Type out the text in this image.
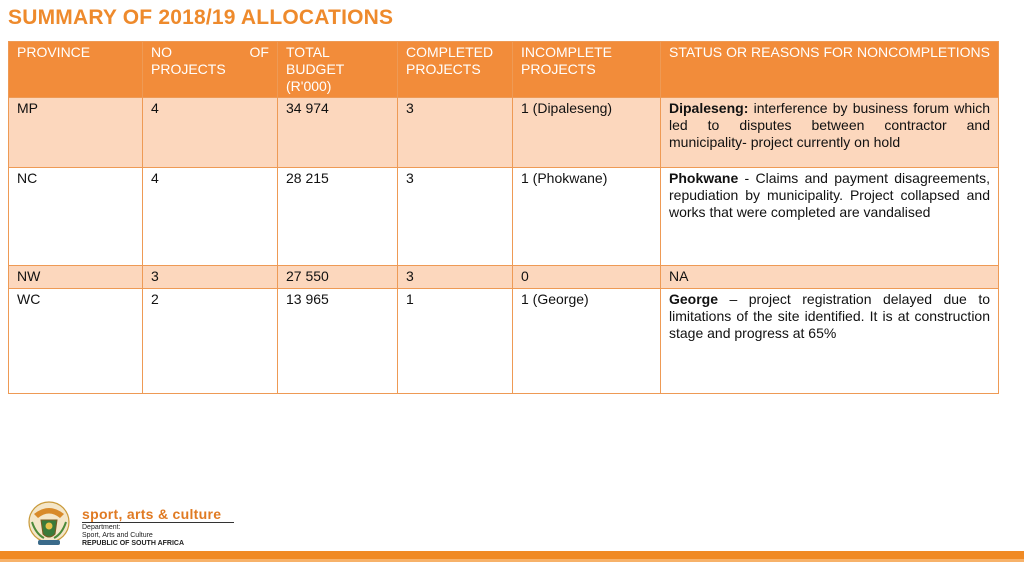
SUMMARY OF 2018/19 ALLOCATIONS
PROVINCE	NO OF PROJECTS	TOTAL BUDGET (R'000)	COMPLETED PROJECTS	INCOMPLETE PROJECTS	STATUS OR REASONS FOR NONCOMPLETIONS
MP	4	34 974	3	1 (Dipaleseng)	Dipaleseng: interference by business forum which led to disputes between contractor and municipality- project currently on hold
NC	4	28 215	3	1 (Phokwane)	Phokwane - Claims and payment disagreements, repudiation by municipality. Project collapsed and works that were completed are vandalised
NW	3	27 550	3	0	NA
WC	2	13 965	1	1 (George)	George – project registration delayed due to limitations of the site identified. It is at construction stage and progress at 65%
sport, arts & culture
Department:
Sport, Arts and Culture
REPUBLIC OF SOUTH AFRICA
